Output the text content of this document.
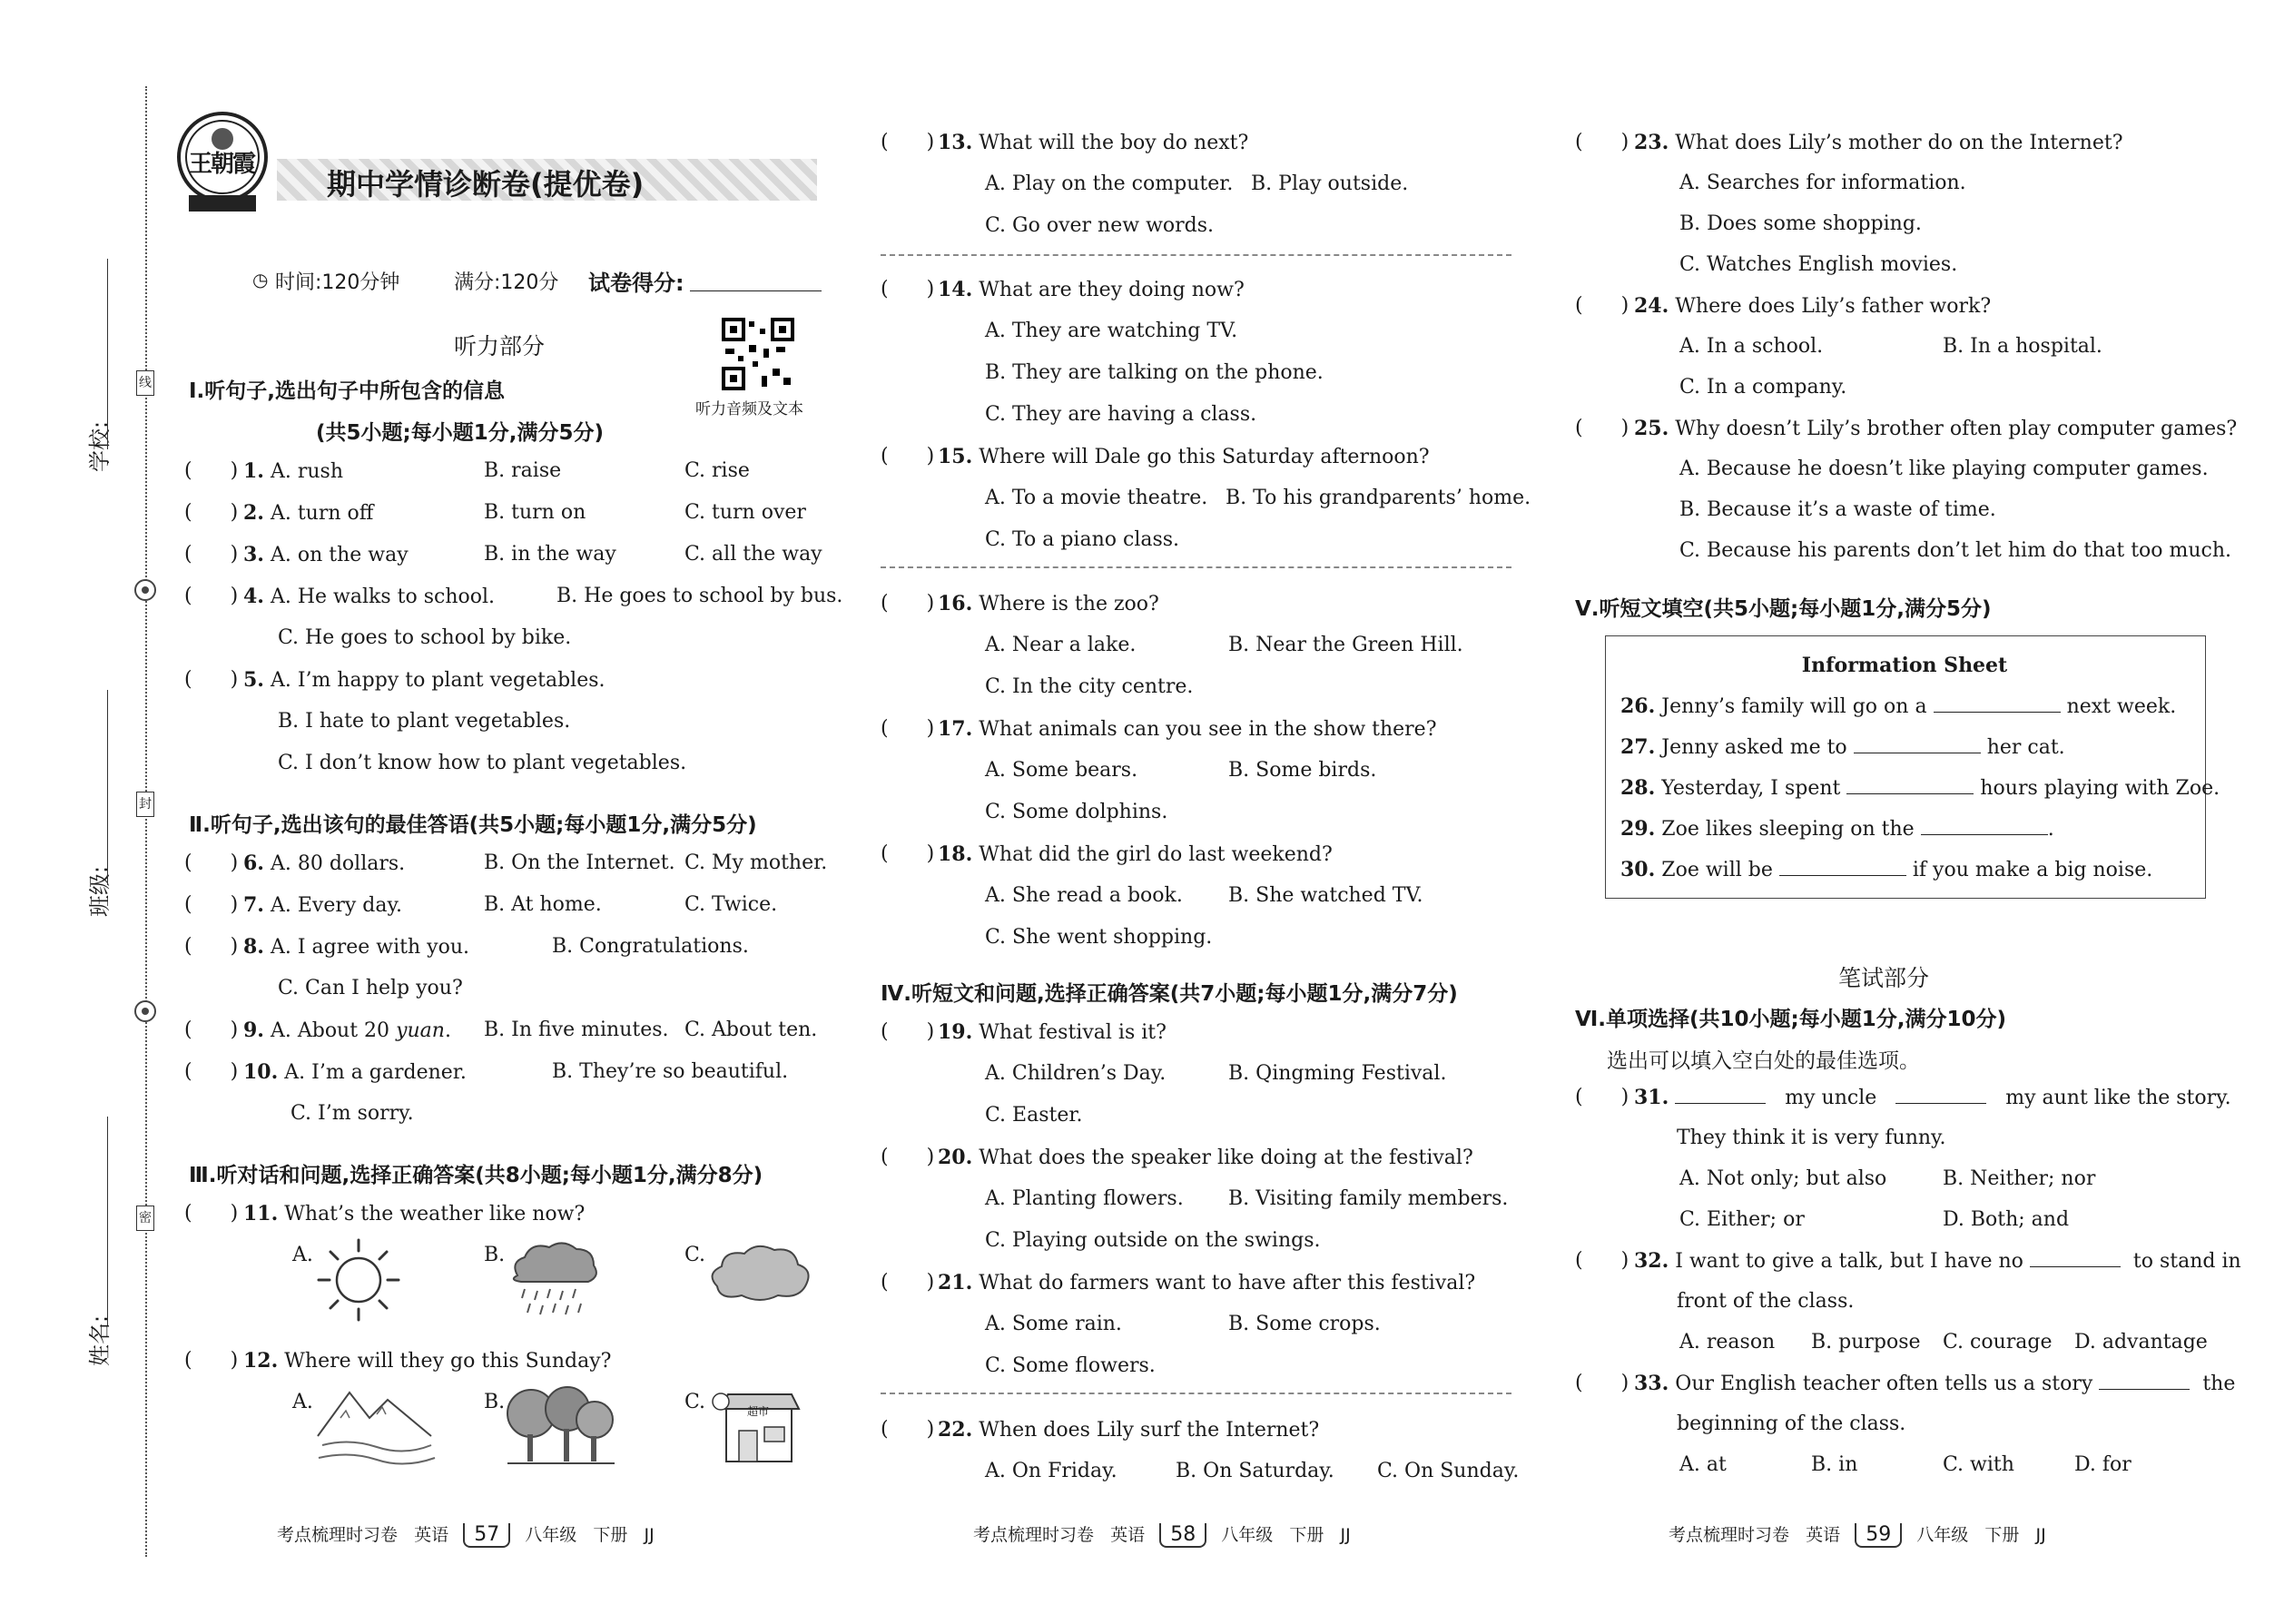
学校:
班级:
姓名:
线
封
密
王朝霞
期中学情诊断卷(提优卷)
◷ 时间:120分钟	满分:120分 试卷得分:
听力部分
听力音频及文本
Ⅰ.听句子,选出句子中所包含的信息
(共5小题;每小题1分,满分5分)
( ) 1. A. rush	B. raise	C. rise
( ) 2. A. turn off	B. turn on	C. turn over
( ) 3. A. on the way	B. in the way	C. all the way
( ) 4. A. He walks to school.	B. He goes to school by bus.
C. He goes to school by bike.
( ) 5. A. I’m happy to plant vegetables.
B. I hate to plant vegetables.
C. I don’t know how to plant vegetables.
Ⅱ.听句子,选出该句的最佳答语(共5小题;每小题1分,满分5分)
( ) 6. A. 80 dollars.	B. On the Internet. C. My mother.
( ) 7. A. Every day.	B. At home.	C. Twice.
( ) 8. A. I agree with you.	B. Congratulations.
C. Can I help you?
( ) 9. A. About 20 yuan. B. In five minutes. C. About ten.
( ) 10. A. I’m a gardener.	B. They’re so beautiful.
C. I’m sorry.
Ⅲ.听对话和问题,选择正确答案(共8小题;每小题1分,满分8分)
( ) 11. What’s the weather like now?
A.	B.	C.
( ) 12. Where will they go this Sunday?
A.	B.	C.	超市
考点梳理时习卷 英语 57 八年级 下册 JJ
( ) 13. What will the boy do next?
A. Play on the computer. B. Play outside.
C. Go over new words.
( ) 14. What are they doing now?
A. They are watching TV.
B. They are talking on the phone.
C. They are having a class.
( ) 15. Where will Dale go this Saturday afternoon?
A. To a movie theatre. B. To his grandparents’ home.
C. To a piano class.
( ) 16. Where is the zoo?
A. Near a lake.	B. Near the Green Hill.
C. In the city centre.
( ) 17. What animals can you see in the show there?
A. Some bears.	B. Some birds.
C. Some dolphins.
( ) 18. What did the girl do last weekend?
A. She read a book. B. She watched TV.
C. She went shopping.
Ⅳ.听短文和问题,选择正确答案(共7小题;每小题1分,满分7分)
( ) 19. What festival is it?
A. Children’s Day.	B. Qingming Festival.
C. Easter.
( ) 20. What does the speaker like doing at the festival?
A. Planting flowers. B. Visiting family members.
C. Playing outside on the swings.
( ) 21. What do farmers want to have after this festival?
A. Some rain.	B. Some crops.
C. Some flowers.
( ) 22. When does Lily surf the Internet?
A. On Friday.	B. On Saturday. C. On Sunday.
考点梳理时习卷 英语 58 八年级 下册 JJ
( ) 23. What does Lily’s mother do on the Internet?
A. Searches for information.
B. Does some shopping.
C. Watches English movies.
( ) 24. Where does Lily’s father work?
A. In a school.	B. In a hospital.
C. In a company.
( ) 25. Why doesn’t Lily’s brother often play computer games?
A. Because he doesn’t like playing computer games.
B. Because it’s a waste of time.
C. Because his parents don’t let him do that too much.
Ⅴ.听短文填空(共5小题;每小题1分,满分5分)
Information Sheet
26. Jenny’s family will go on a	next week.
27. Jenny asked me to	her cat.
28. Yesterday, I spent	hours playing with Zoe.
29. Zoe likes sleeping on the	.
30. Zoe will be	if you make a big noise.
笔试部分
Ⅵ.单项选择(共10小题;每小题1分,满分10分)
选出可以填入空白处的最佳选项。
( ) 31.	my uncle	my aunt like the story.
They think it is very funny.
A. Not only; but also	B. Neither; nor
C. Either; or	D. Both; and
( ) 32. I want to give a talk, but I have no	to stand in
front of the class.
A. reason B. purpose C. courage D. advantage
( ) 33. Our English teacher often tells us a story	the
beginning of the class.
A. at	B. in	C. with	D. for
考点梳理时习卷 英语 59 八年级 下册 JJ
